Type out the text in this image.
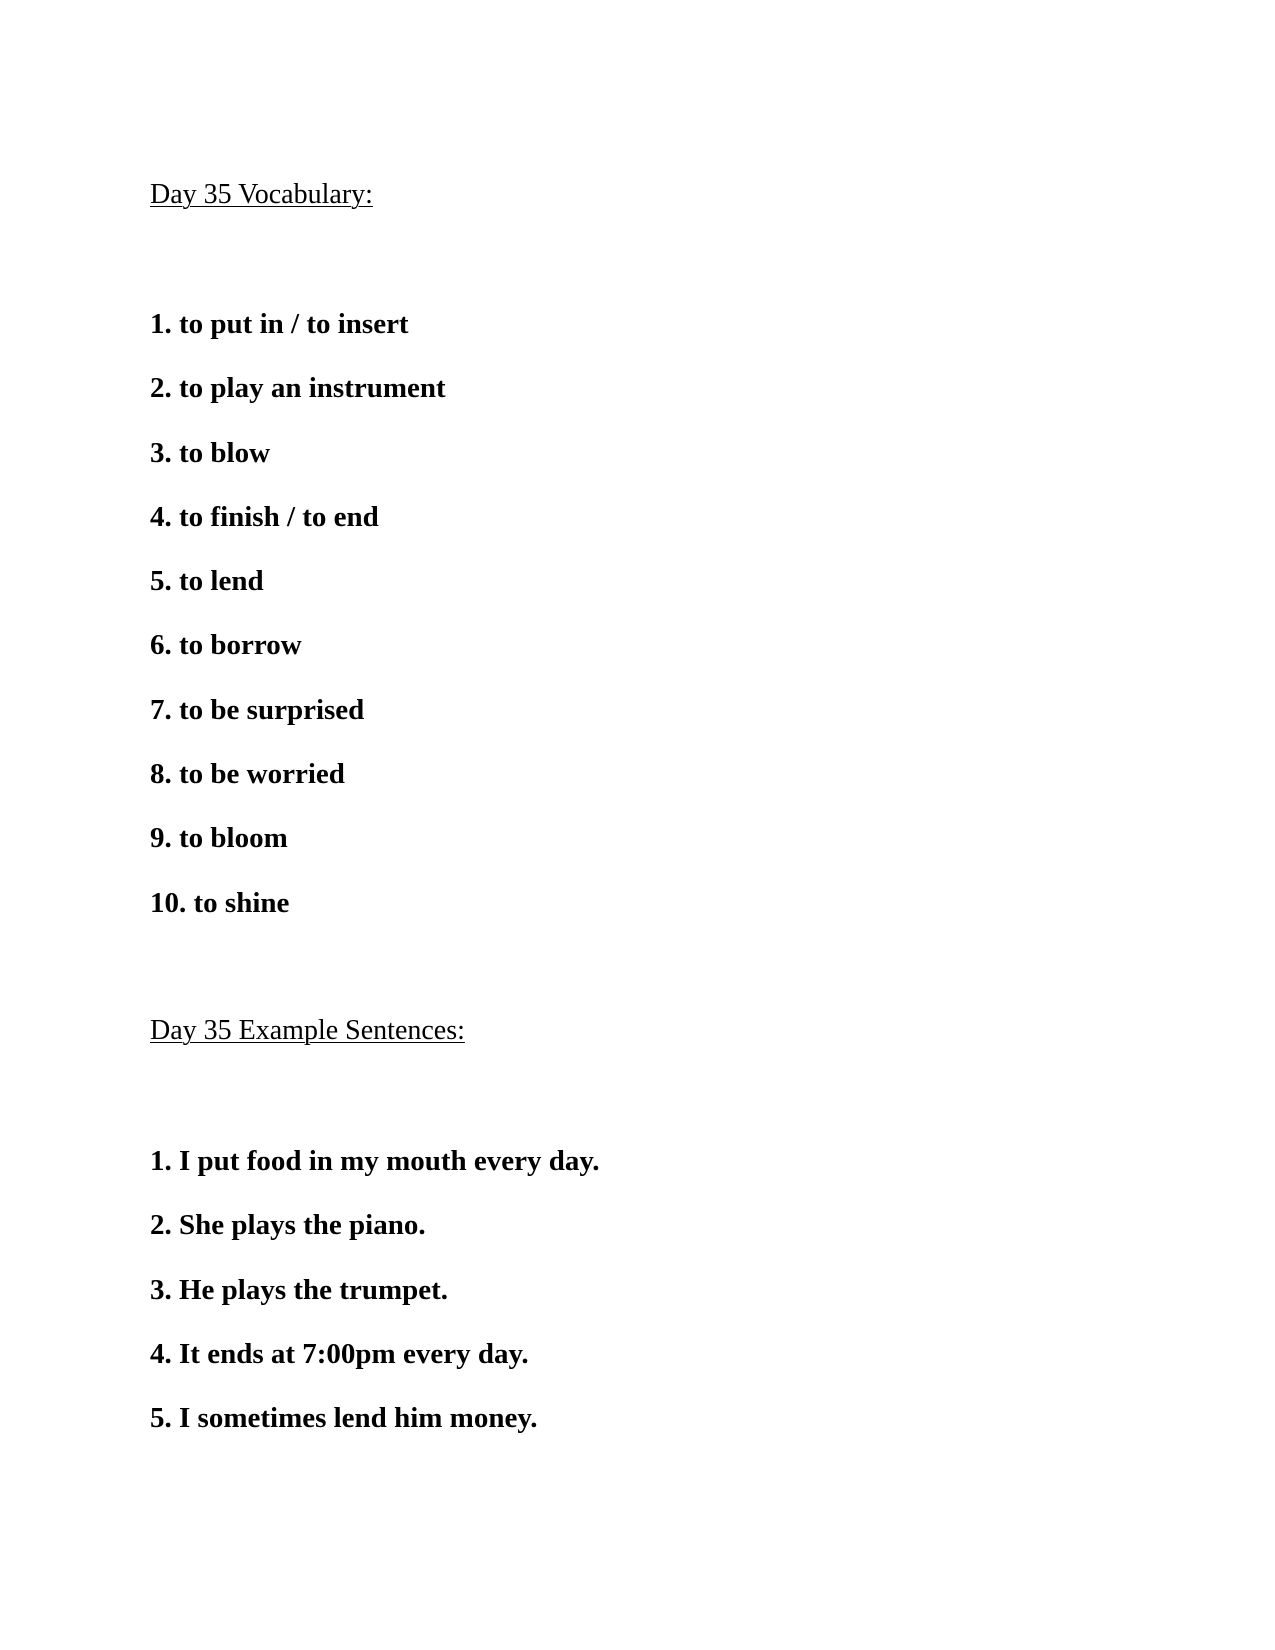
Day 35 Vocabulary:
1. to put in / to insert
2. to play an instrument
3. to blow
4. to finish / to end
5. to lend
6. to borrow
7. to be surprised
8. to be worried
9. to bloom
10. to shine
Day 35 Example Sentences:
1. I put food in my mouth every day.
2. She plays the piano.
3. He plays the trumpet.
4. It ends at 7:00pm every day.
5. I sometimes lend him money.
